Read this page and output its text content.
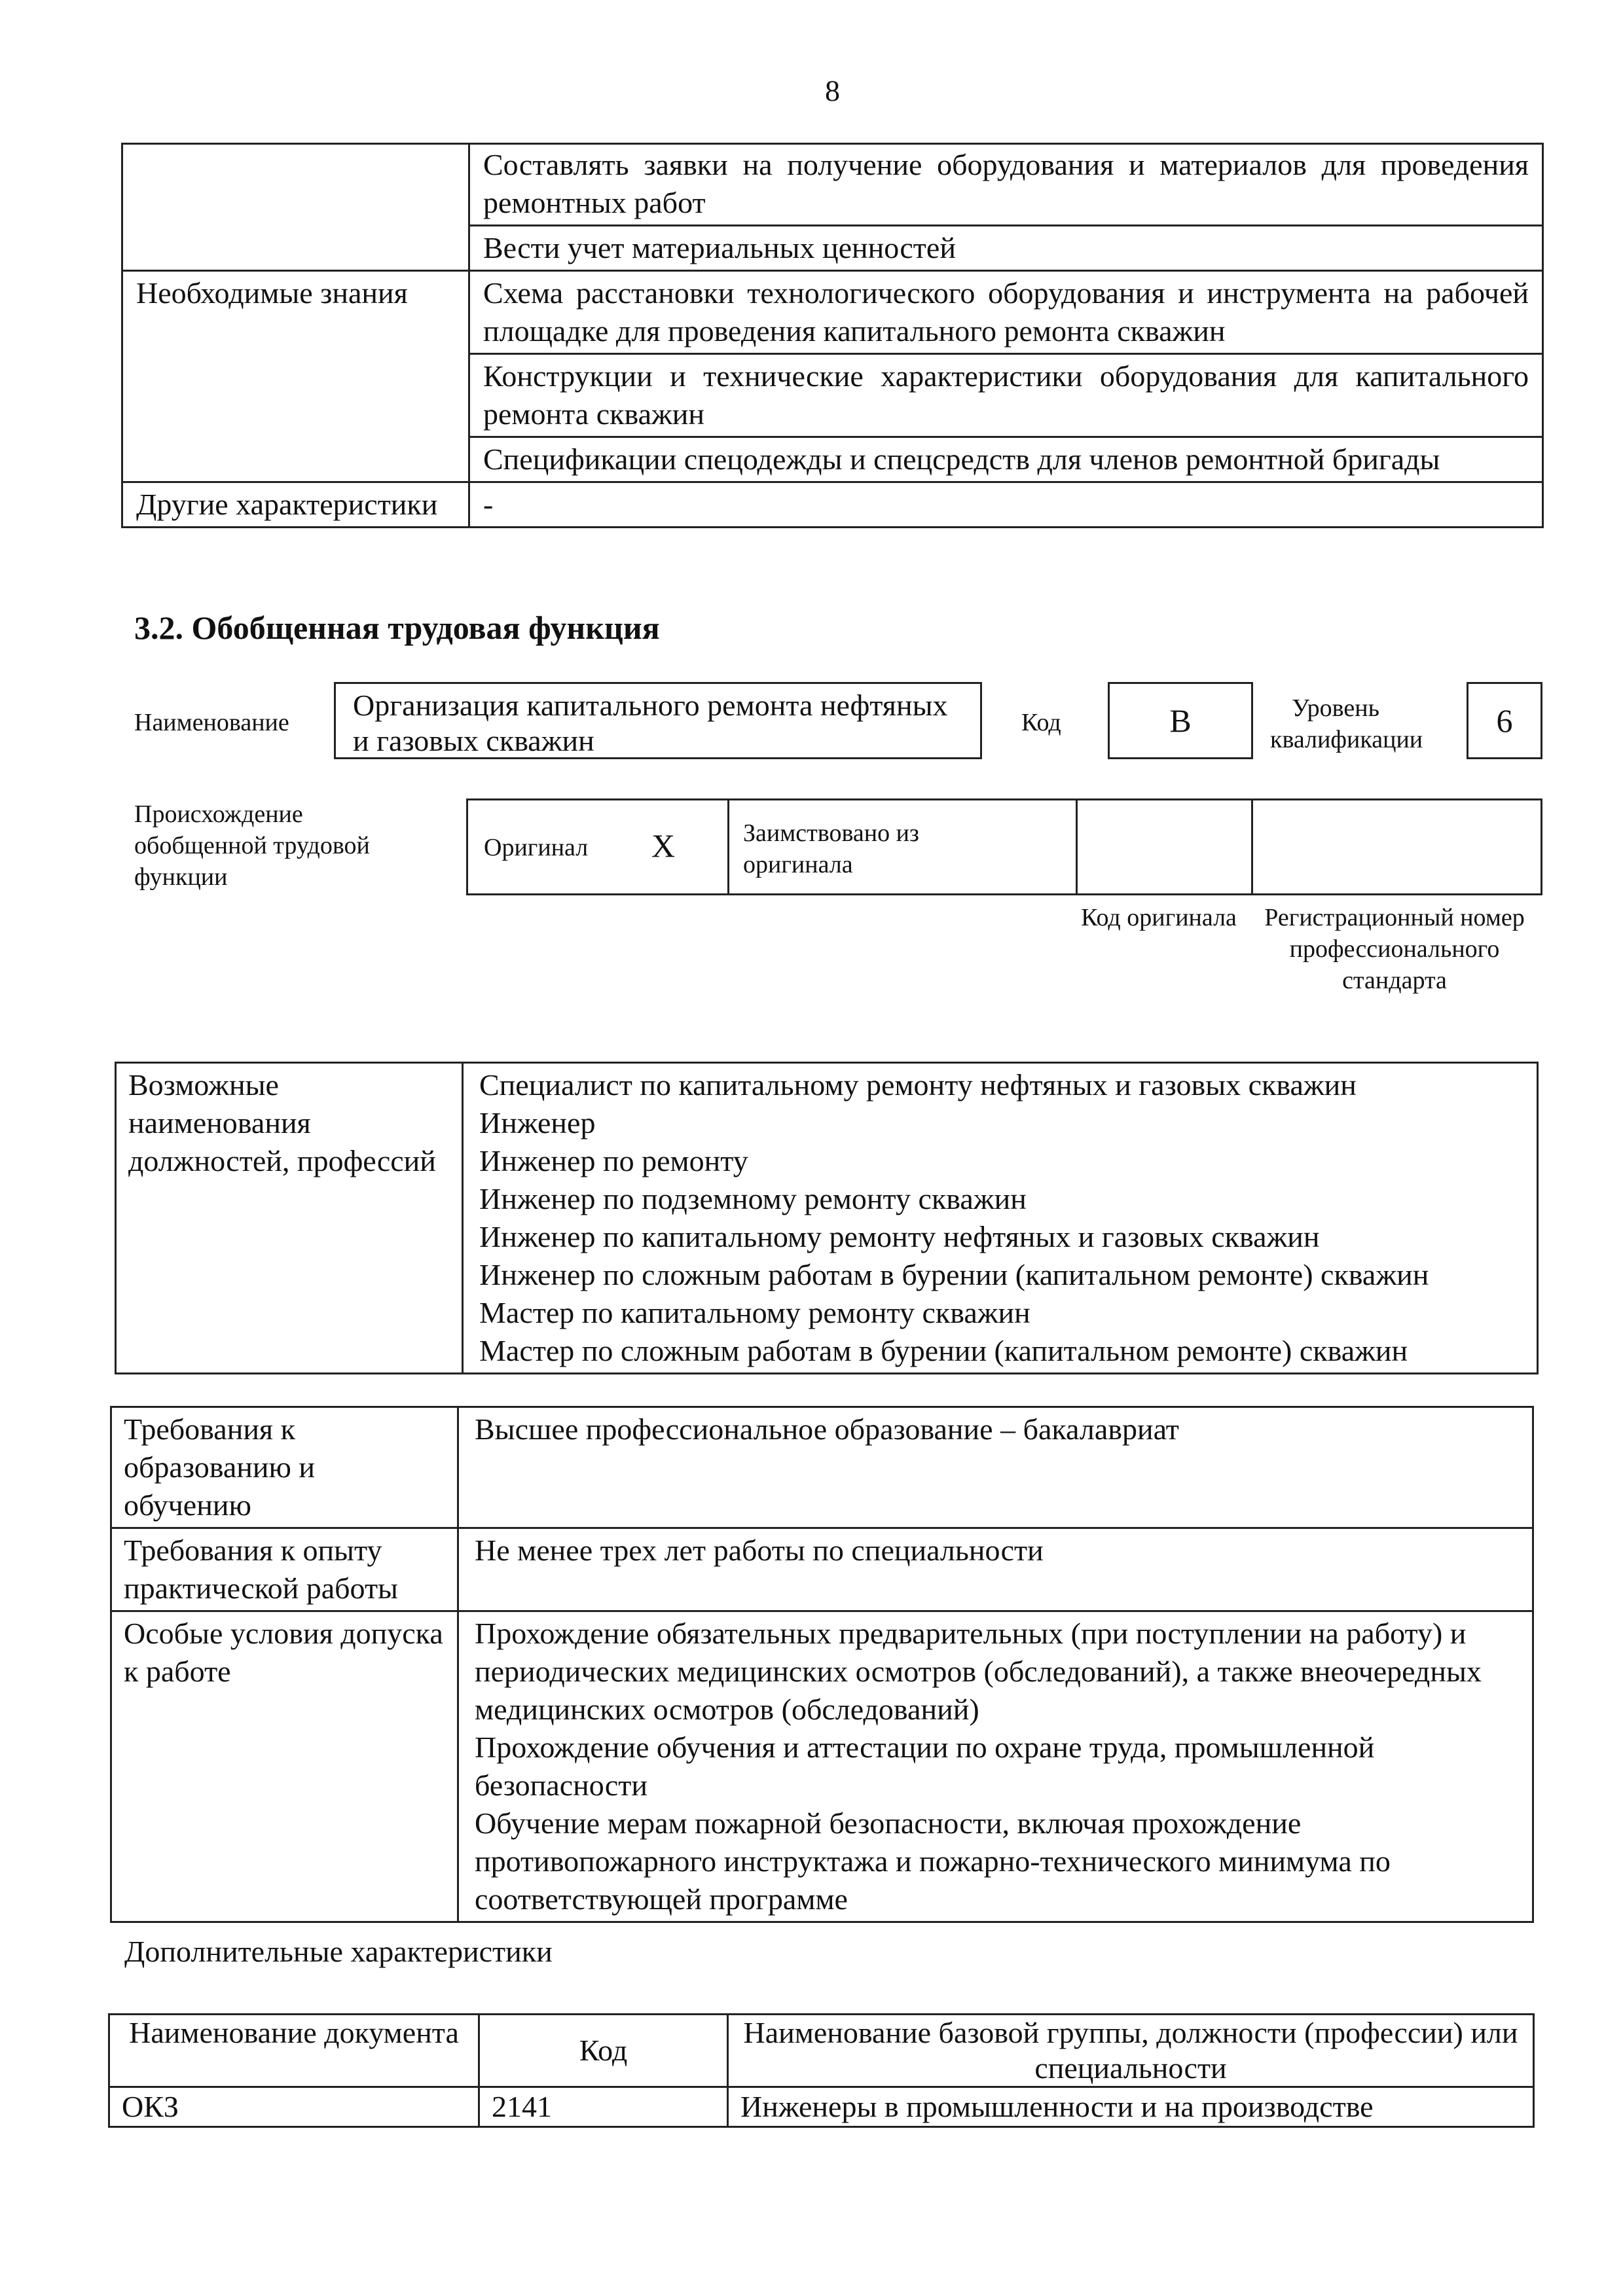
8
	Составлять заявки на получение оборудования и материалов для проведения ремонтных работ
	Вести учет материальных ценностей
Необходимые знания	Схема расстановки технологического оборудования и инструмента на рабочей площадке для проведения капитального ремонта скважин
	Конструкции и технические характеристики оборудования для капитального ремонта скважин
	Спецификации спецодежды и спецсредств для членов ремонтной бригады
Другие характеристики	-
3.2. Обобщенная трудовая функция
Наименование
Организация капитального ремонта нефтяных и газовых скважин
Код	B	Уровень квалификации
6
Происхождение обобщенной трудовой функции
Оригинал X	Заимствовано из оригинала
Код оригинала Регистрационный номер профессионального стандарта
Возможные наименования должностей, профессий	
Специалист по капитальному ремонту нефтяных и газовых скважин
Инженер
Инженер по ремонту
Инженер по подземному ремонту скважин
Инженер по капитальному ремонту нефтяных и газовых скважин
Инженер по сложным работам в бурении (капитальном ремонте) скважин
Мастер по капитальному ремонту скважин
Мастер по сложным работам в бурении (капитальном ремонте) скважин
Требования к образованию и обучению	Высшее профессиональное образование – бакалавриат
Требования к опыту практической работы	Не менее трех лет работы по специальности
Особые условия допуска к работе	Прохождение обязательных предварительных (при поступлении на работу) и периодических медицинских осмотров (обследований), а также внеочередных медицинских осмотров (обследований)
Прохождение обучения и аттестации по охране труда, промышленной безопасности
Обучение мерам пожарной безопасности, включая прохождение противопожарного инструктажа и пожарно-технического минимума по соответствующей программе
Дополнительные характеристики
Наименование документа	Код	Наименование базовой группы, должности (профессии) или специальности
ОКЗ	2141	Инженеры в промышленности и на производстве
